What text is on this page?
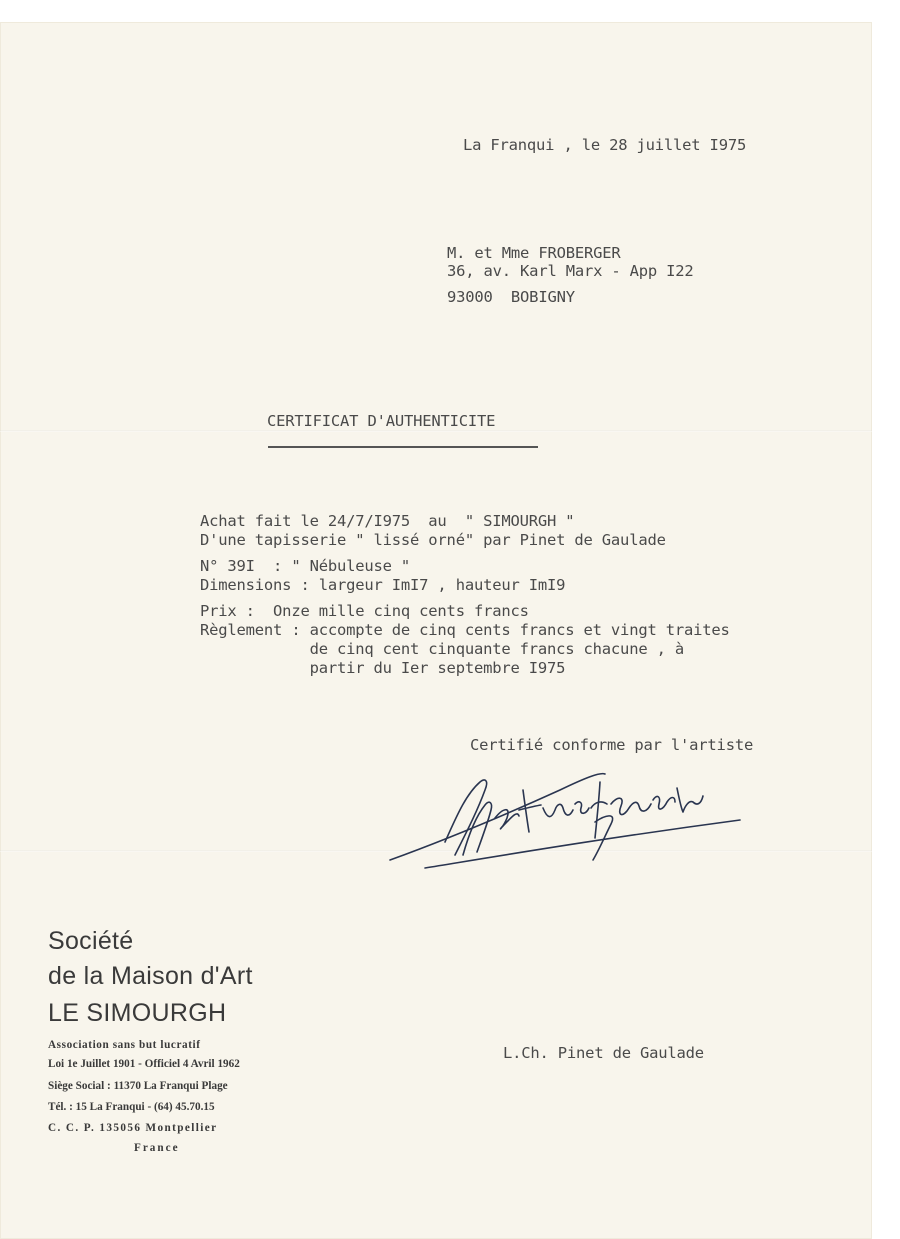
La Franqui , le 28 juillet I975
M. et Mme FROBERGER
36, av. Karl Marx - App I22
93000  BOBIGNY
CERTIFICAT D'AUTHENTICITE
Achat fait le 24/7/I975  au  " SIMOURGH "
D'une tapisserie " lissé orné" par Pinet de Gaulade
N° 39I  : " Nébuleuse "
Dimensions : largeur ImI7 , hauteur ImI9
Prix :  Onze mille cinq cents francs
Règlement : accompte de cinq cents francs et vingt traites
de cinq cent cinquante francs chacune , à
partir du Ier septembre I975
Certifié conforme par l'artiste
L.Ch. Pinet de Gaulade
Société
de la Maison d'Art
LE SIMOURGH
Association sans but lucratif
Loi 1e Juillet 1901 - Officiel 4 Avril 1962
Siège Social : 11370 La Franqui Plage
Tél. : 15 La Franqui - (64) 45.70.15
C. C. P. 135056 Montpellier
France
